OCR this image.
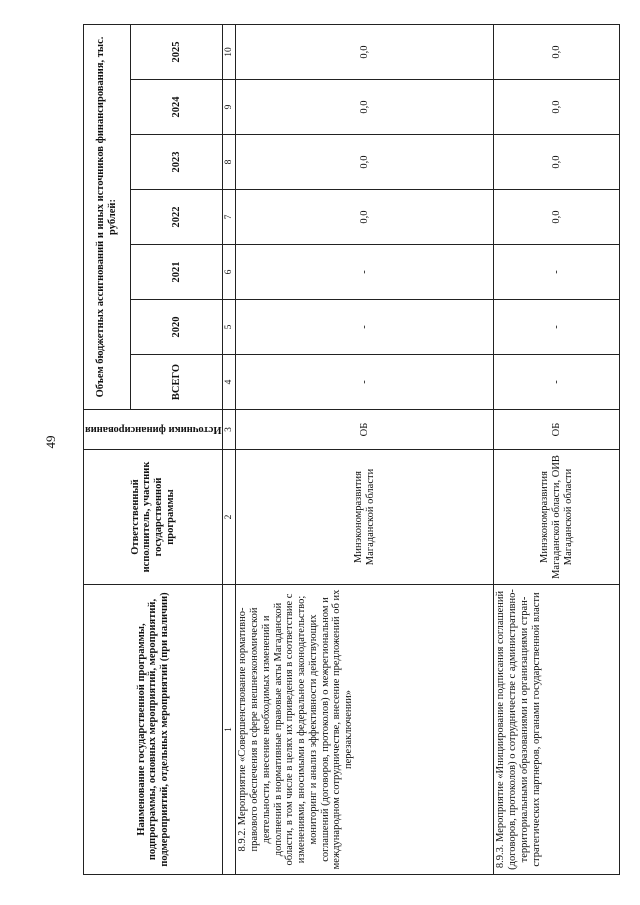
49
Наименование государственной программы, подпрограммы, основных мероприятий, мероприятий, подмероприятий, отдельных мероприятий (при наличии)	Ответственный исполнитель, участник государственной программы	Источники финансирования	Объем бюджетных ассигнований и иных источников финансирования, тыс. рублей:						
			ВСЕГО	2020	2021	2022	2023	2024	2025
1	2	3	4	5	6	7	8	9	10
8.9.2. Мероприятие «Совершенствование нормативно-правового обеспечения в сфере внешнеэкономической деятельности, внесение необходимых изменений и дополнений в нормативные правовые акты Магаданской области, в том числе в целях их приведения в соответствие с изменениями, вносимыми в федеральное законодательство; мониторинг и анализ эффективности действующих соглашений (договоров, протоколов) о межрегиональном и международном сотрудничестве, внесение предложений об их перезаключении»	Минэкономразвития Магаданской области	ОБ	-	-	-	0,0	0,0	0,0	0,0
8.9.3. Мероприятие «Инициирование подписания соглашений (договоров, протоколов) о сотрудничестве с административно-территориальными образованиями и организациями стран-стратегических партнеров, органами государственной власти	Минэкономразвития Магаданской области, ОИВ Магаданской области	ОБ	-	-	-	0,0	0,0	0,0	0,0
